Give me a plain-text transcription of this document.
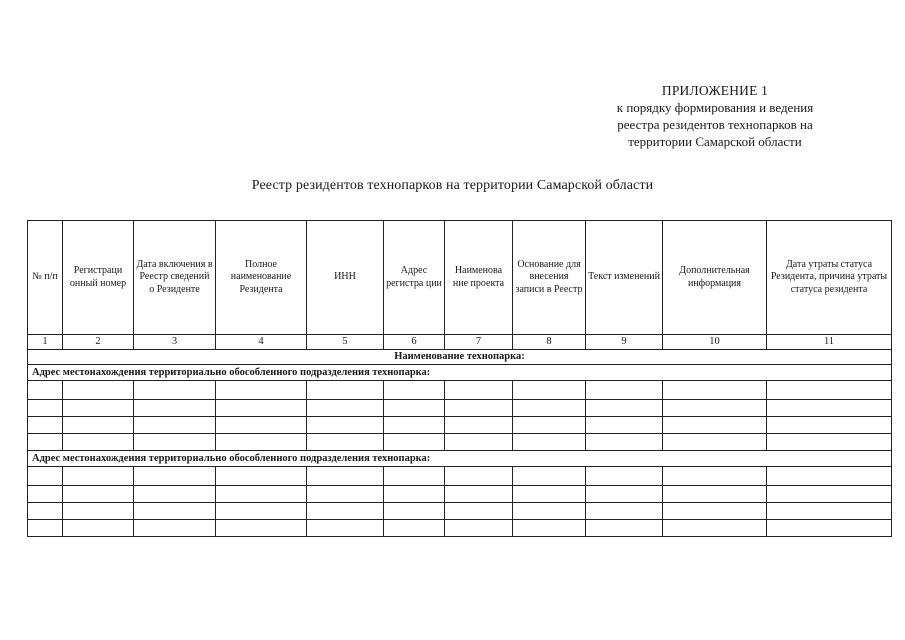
ПРИЛОЖЕНИЕ 1
к порядку формирования и ведения
реестра резидентов технопарков на
территории Самарской области
Реестр резидентов технопарков на территории Самарской области
№ п/п	Регистраци онный номер	Дата включения в Реестр сведений о Резиденте	Полное наименование Резидента	ИНН	Адрес регистра ции	Наименова ние проекта	Основание для внесения записи в Реестр	Текст изменений	Дополнительная информация	Дата утраты статуса Резидента, причина утраты статуса резидента
1	2	3	4	5	6	7	8	9	10	11
Наименование технопарка:										
Адрес местонахождения территориально обособленного подразделения технопарка:										

Адрес местонахождения территориально обособленного подразделения технопарка:										
